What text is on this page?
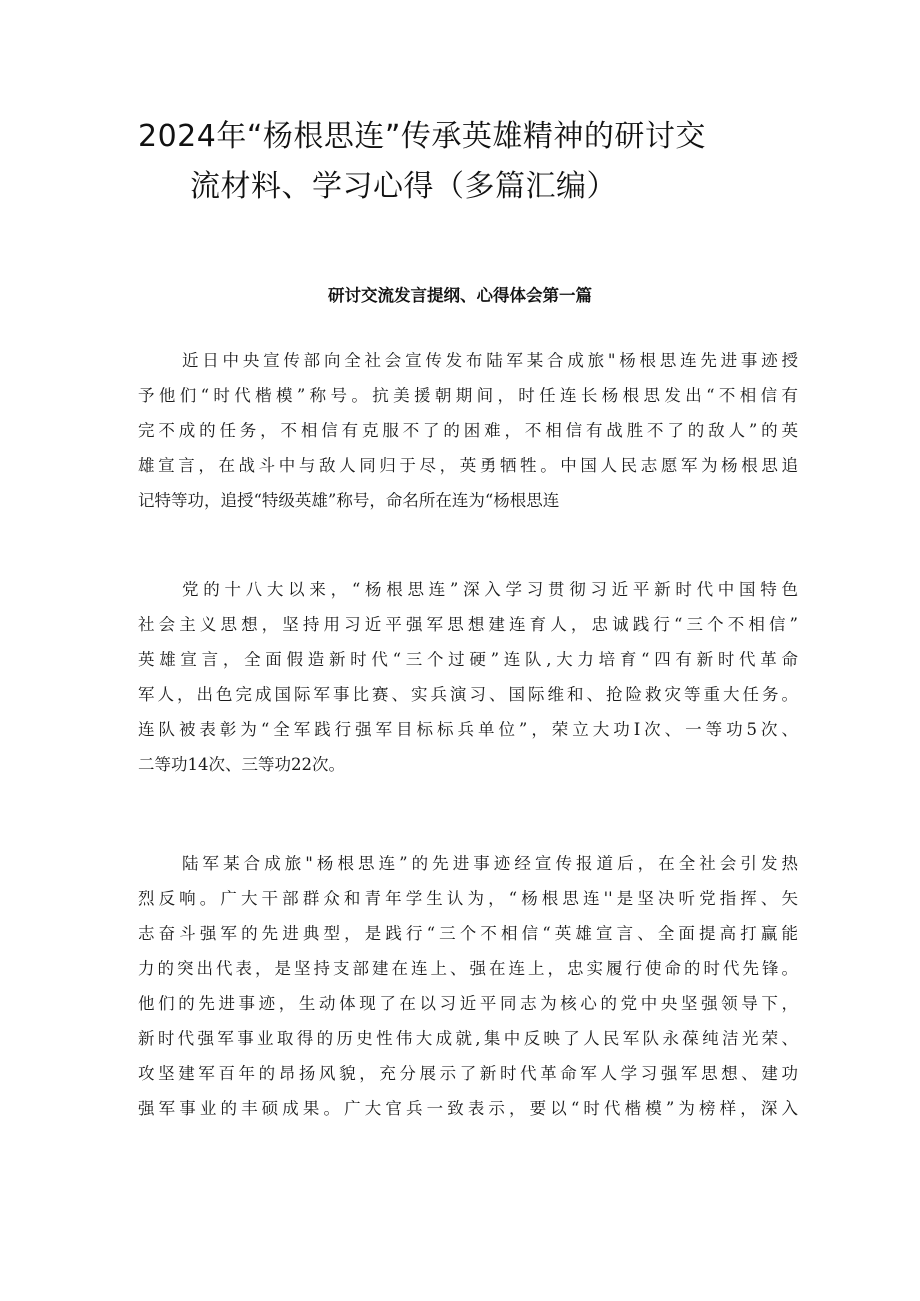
2024年“杨根思连”传承英雄精神的研讨交
流材料、学习心得（多篇汇编）
研讨交流发言提纲、心得体会第一篇
近日中央宣传部向全社会宣传发布陆军某合成旅"杨根思连先进事迹授
予他们“时代楷模”称号。抗美援朝期间，时任连长杨根思发出“不相信有
完不成的任务，不相信有克服不了的困难，不相信有战胜不了的敌人”的英
雄宣言，在战斗中与敌人同归于尽，英勇牺牲。中国人民志愿军为杨根思追
记特等功，追授“特级英雄”称号，命名所在连为“杨根思连
党的十八大以来，“杨根思连”深入学习贯彻习近平新时代中国特色
社会主义思想，坚持用习近平强军思想建连育人，忠诚践行“三个不相信”
英雄宣言，全面假造新时代“三个过硬”连队,大力培育“四有新时代革命
军人，出色完成国际军事比赛、实兵演习、国际维和、抢险救灾等重大任务。
连队被表彰为“全军践行强军目标标兵单位”，荣立大功I次、一等功5次、
二等功14次、三等功22次。
陆军某合成旅"杨根思连”的先进事迹经宣传报道后，在全社会引发热
烈反响。广大干部群众和青年学生认为，“杨根思连''是坚决听党指挥、矢
志奋斗强军的先进典型，是践行“三个不相信“英雄宣言、全面提高打赢能
力的突出代表，是坚持支部建在连上、强在连上，忠实履行使命的时代先锋。
他们的先进事迹，生动体现了在以习近平同志为核心的党中央坚强领导下，
新时代强军事业取得的历史性伟大成就,集中反映了人民军队永葆纯洁光荣、
攻坚建军百年的昂扬风貌，充分展示了新时代革命军人学习强军思想、建功
强军事业的丰硕成果。广大官兵一致表示，要以“时代楷模”为榜样，深入
